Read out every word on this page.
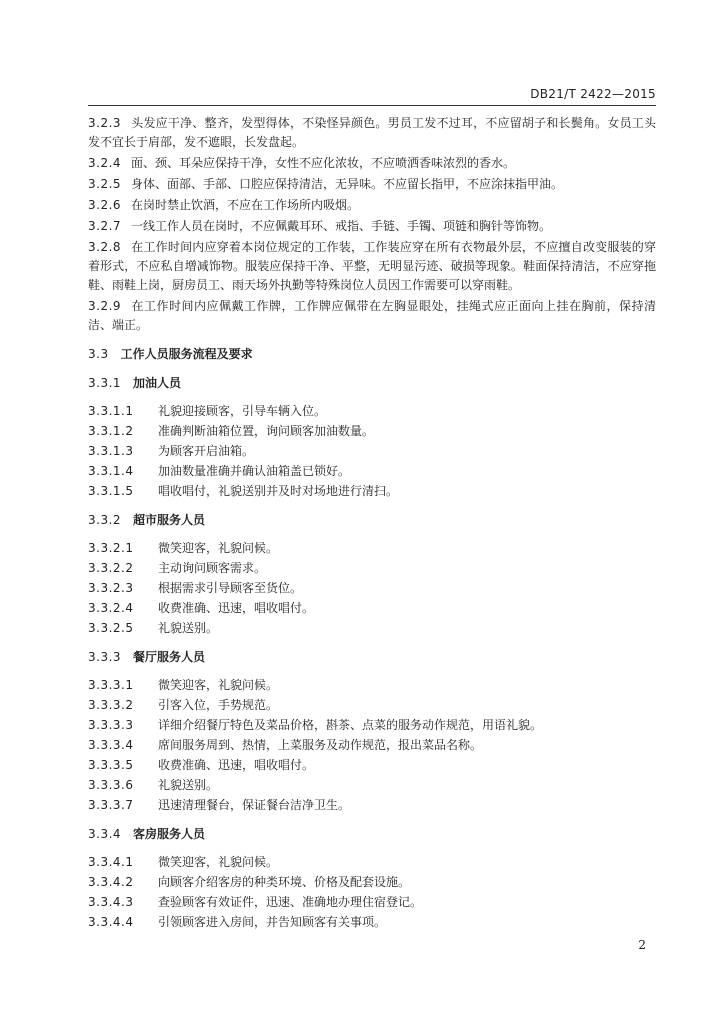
DB21/T 2422—2015

3.2.3 头发应干净、整齐，发型得体，不染怪异颜色。男员工发不过耳，不应留胡子和长鬓角。女员工头发不宜长于肩部，发不遮眼，长发盘起。

3.2.4 面、颈、耳朵应保持干净，女性不应化浓妆，不应喷洒香味浓烈的香水。

3.2.5 身体、面部、手部、口腔应保持清洁，无异味。不应留长指甲，不应涂抹指甲油。

3.2.6 在岗时禁止饮酒，不应在工作场所内吸烟。

3.2.7 一线工作人员在岗时，不应佩戴耳环、戒指、手链、手镯、项链和胸针等饰物。

3.2.8 在工作时间内应穿着本岗位规定的工作装，工作装应穿在所有衣物最外层，不应擅自改变服装的穿着形式，不应私自增减饰物。服装应保持干净、平整，无明显污迹、破损等现象。鞋面保持清洁，不应穿拖鞋、雨鞋上岗，厨房员工、雨天场外执勤等特殊岗位人员因工作需要可以穿雨鞋。

3.2.9 在工作时间内应佩戴工作牌，工作牌应佩带在左胸显眼处，挂绳式应正面向上挂在胸前，保持清洁、端正。

3.3 工作人员服务流程及要求
3.3.1 加油人员
3.3.1.1 礼貌迎接顾客，引导车辆入位。
3.3.1.2 准确判断油箱位置，询问顾客加油数量。
3.3.1.3 为顾客开启油箱。
3.3.1.4 加油数量准确并确认油箱盖已锁好。
3.3.1.5 唱收唱付，礼貌送别并及时对场地进行清扫。
3.3.2 超市服务人员
3.3.2.1 微笑迎客，礼貌问候。
3.3.2.2 主动询问顾客需求。
3.3.2.3 根据需求引导顾客至货位。
3.3.2.4 收费准确、迅速，唱收唱付。
3.3.2.5 礼貌送别。
3.3.3 餐厅服务人员
3.3.3.1 微笑迎客，礼貌问候。
3.3.3.2 引客入位，手势规范。
3.3.3.3 详细介绍餐厅特色及菜品价格，斟茶、点菜的服务动作规范，用语礼貌。
3.3.3.4 席间服务周到、热情，上菜服务及动作规范，报出菜品名称。
3.3.3.5 收费准确、迅速，唱收唱付。
3.3.3.6 礼貌送别。
3.3.3.7 迅速清理餐台，保证餐台洁净卫生。
3.3.4 客房服务人员
3.3.4.1 微笑迎客，礼貌问候。
3.3.4.2 向顾客介绍客房的种类环境、价格及配套设施。
3.3.4.3 查验顾客有效证件，迅速、准确地办理住宿登记。
3.3.4.4 引领顾客进入房间，并告知顾客有关事项。
2
